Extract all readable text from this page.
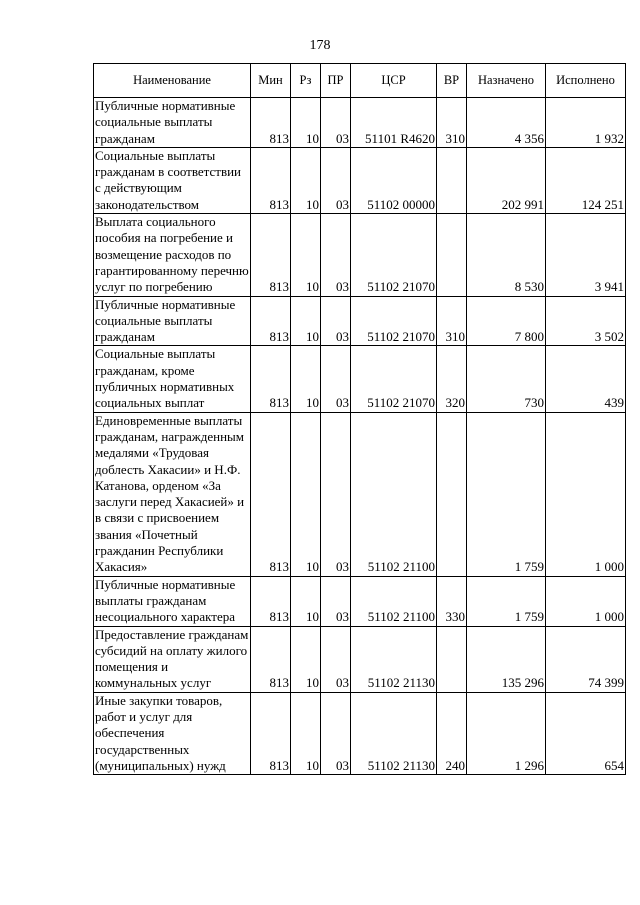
178
Наименование	Мин	Рз	ПР	ЦСР	ВР	Назначено	Исполнено
Публичные нормативные социальные выплаты гражданам	813	10	03	51101 R4620	310	4 356	1 932
Социальные выплаты гражданам в соответствии с действующим законодательством	813	10	03	51102 00000		202 991	124 251
Выплата социального пособия на погребение и возмещение расходов по гарантированному перечню услуг по погребению	813	10	03	51102 21070		8 530	3 941
Публичные нормативные социальные выплаты гражданам	813	10	03	51102 21070	310	7 800	3 502
Социальные выплаты гражданам, кроме публичных нормативных социальных выплат	813	10	03	51102 21070	320	730	439
Единовременные выплаты гражданам, награжденным медалями «Трудовая доблесть Хакасии» и Н.Ф. Катанова, орденом «За заслуги перед Хакасией» и в связи с присвоением звания «Почетный гражданин Республики Хакасия»	813	10	03	51102 21100		1 759	1 000
Публичные нормативные выплаты гражданам несоциального характера	813	10	03	51102 21100	330	1 759	1 000
Предоставление гражданам субсидий на оплату жилого помещения и коммунальных услуг	813	10	03	51102 21130		135 296	74 399
Иные закупки товаров, работ и услуг для обеспечения государственных (муниципальных) нужд	813	10	03	51102 21130	240	1 296	654
